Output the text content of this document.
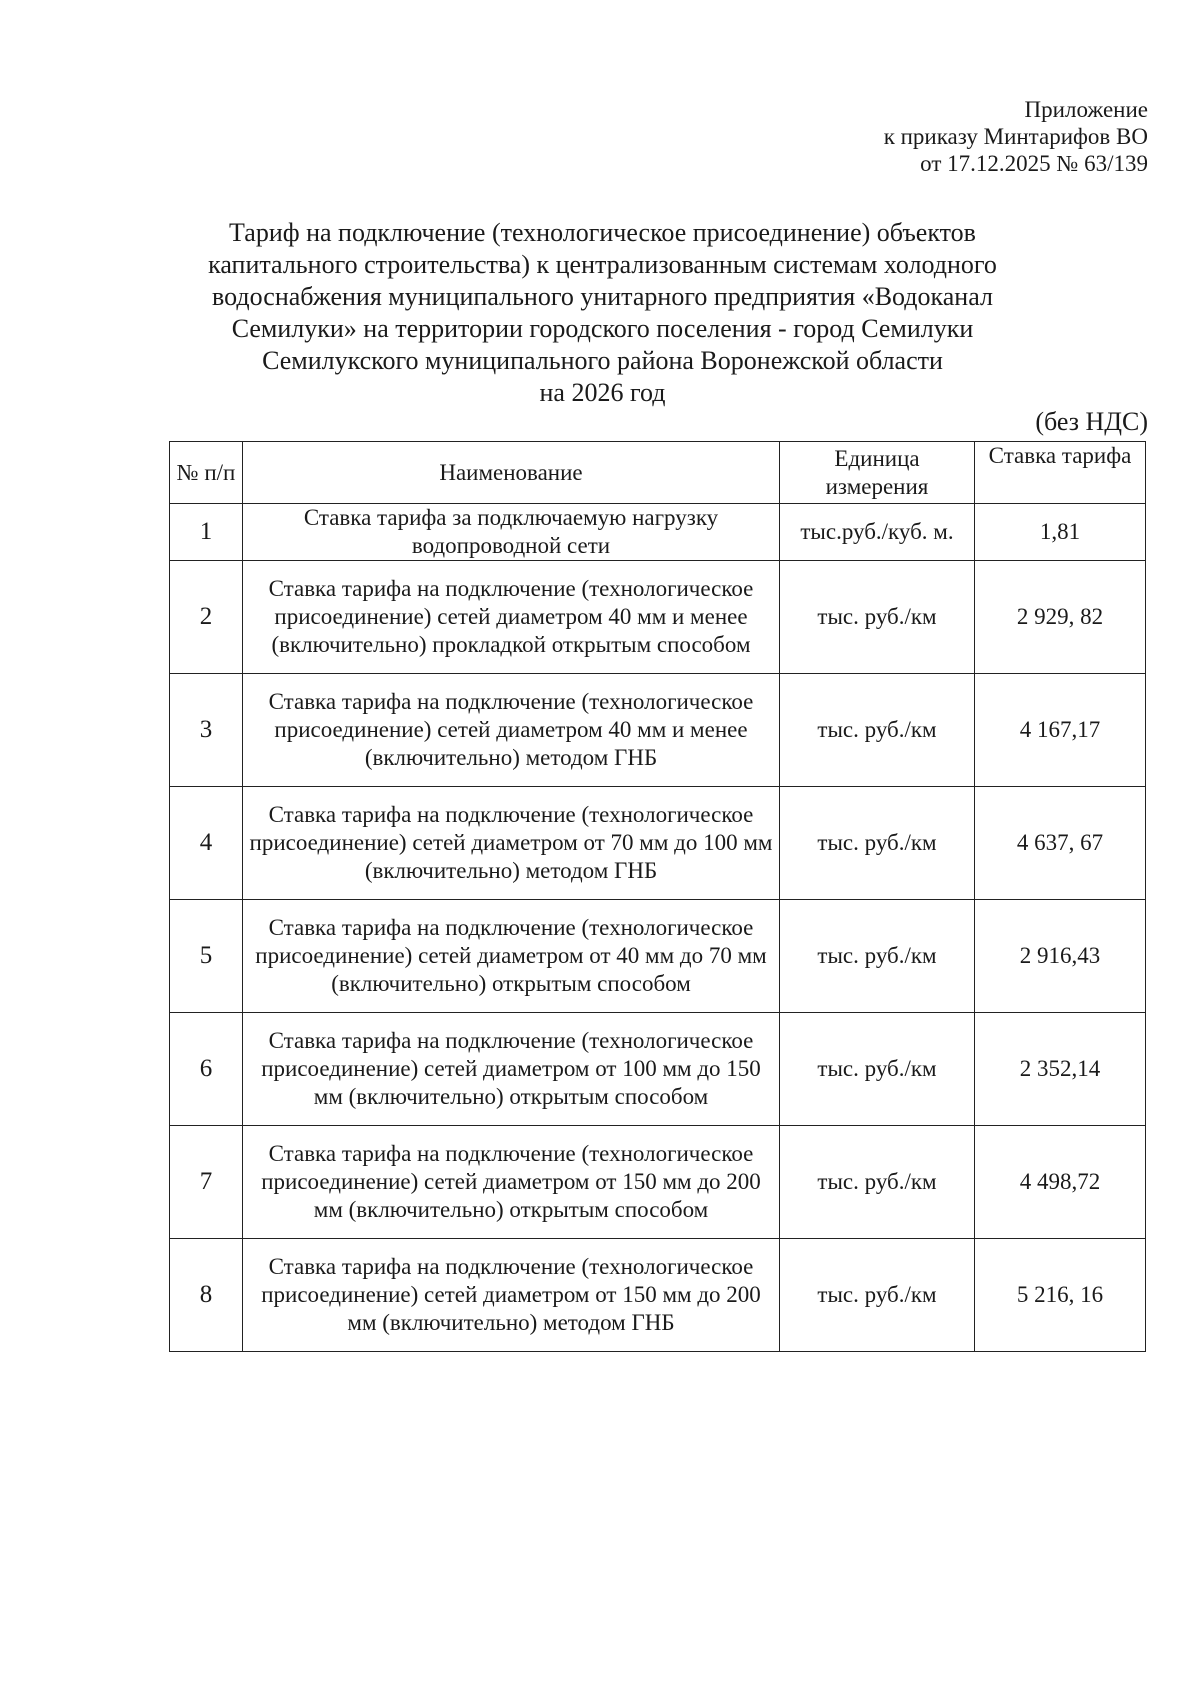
Приложение
к приказу Минтарифов ВО
от 17.12.2025 № 63/139
Тариф на подключение (технологическое присоединение) объектов
капитального строительства) к централизованным системам холодного
водоснабжения муниципального унитарного предприятия «Водоканал
Семилуки» на территории городского поселения - город Семилуки
Семилукского муниципального района Воронежской области
на 2026 год
(без НДС)
№ п/п	Наименование	Единица измерения	Ставка тарифа
1	Ставка тарифа за подключаемую нагрузку водопроводной сети	тыс.руб./куб. м.	1,81
2	Ставка тарифа на подключение (технологическое присоединение) сетей диаметром 40 мм и менее (включительно) прокладкой открытым способом	тыс. руб./км	2 929, 82
3	Ставка тарифа на подключение (технологическое присоединение) сетей диаметром 40 мм и менее (включительно) методом ГНБ	тыс. руб./км	4 167,17
4	Ставка тарифа на подключение (технологическое присоединение) сетей диаметром от 70 мм до 100 мм (включительно) методом ГНБ	тыс. руб./км	4 637, 67
5	Ставка тарифа на подключение (технологическое присоединение) сетей диаметром от 40 мм до 70 мм (включительно) открытым способом	тыс. руб./км	2 916,43
6	Ставка тарифа на подключение (технологическое присоединение) сетей диаметром от 100 мм до 150 мм (включительно) открытым способом	тыс. руб./км	2 352,14
7	Ставка тарифа на подключение (технологическое присоединение) сетей диаметром от 150 мм до 200 мм (включительно) открытым способом	тыс. руб./км	4 498,72
8	Ставка тарифа на подключение (технологическое присоединение) сетей диаметром от 150 мм до 200 мм (включительно) методом ГНБ	тыс. руб./км	5 216, 16
